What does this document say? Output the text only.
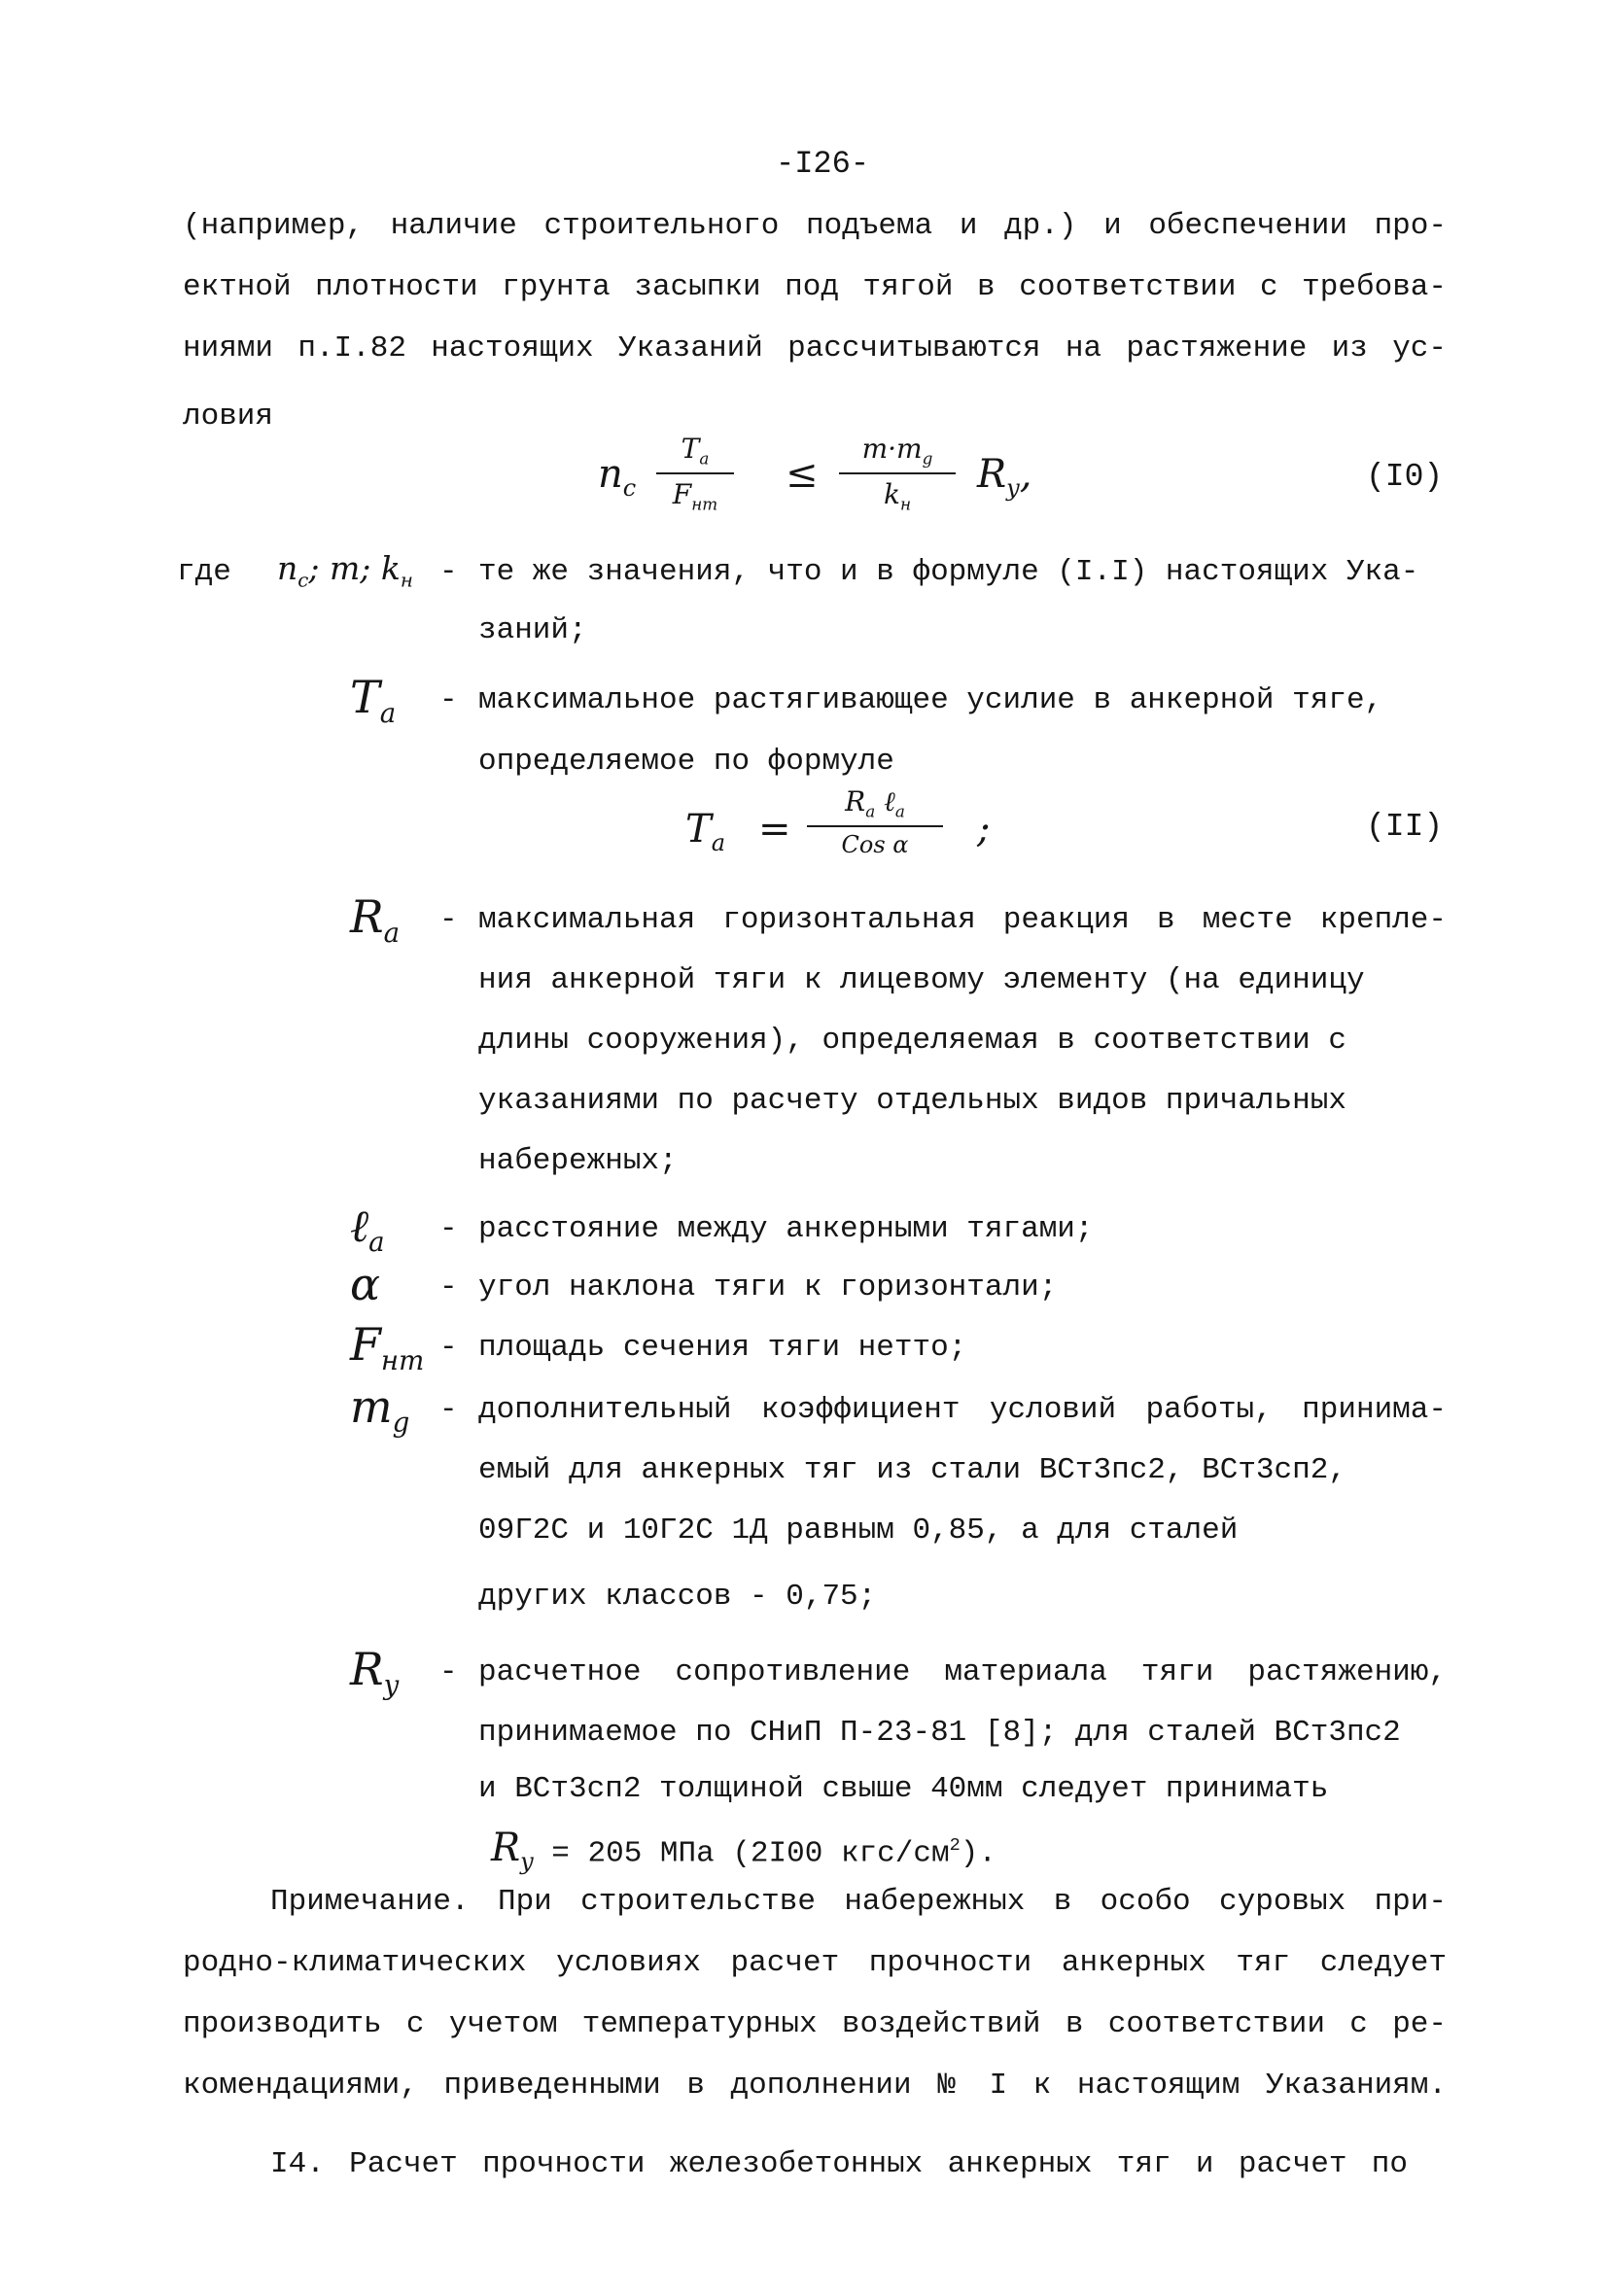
-I26-
(например, наличие строительного подъема и др.) и обеспечении про-
ектной плотности грунта засыпки под тягой в соответствии с требова-
ниями п.I.82 настоящих Указаний рассчитываются на растяжение из ус-
ловия
$n_c$
$T_a$
$F_{нт}$
≤
$m\cdot m_g$
$k_н$
$R_y$,	(I0)
где $n_c$; m; $k_н$ - те же значения, что и в формуле (I.I) настоящих Ука-
заний;
$T_a$ - максимальное растягивающее усилие в анкерной тяге,
определяемое по формуле
$T_a$ =
$R_a$ ℓ$_a$
Cos α	;	(II)
$R_a$ - максимальная горизонтальная реакция в месте крепле-
ния анкерной тяги к лицевому элементу (на единицу
длины сооружения), определяемая в соответствии с
указаниями по расчету отдельных видов причальных
набережных;
ℓ$_a$ - расстояние между анкерными тягами;
α - угол наклона тяги к горизонтали;
$F_{нт}$ - площадь сечения тяги нетто;
$m_g$ - дополнительный коэффициент условий работы, принима-
емый для анкерных тяг из стали ВСт3пс2, ВСт3сп2,
09Г2С и 10Г2С 1Д равным 0,85, а для сталей
других классов - 0,75;
$R_y$ - расчетное сопротивление материала тяги растяжению,
принимаемое по СНиП П-23-81 [8]; для сталей ВСт3пс2
и ВСт3сп2 толщиной свыше 40мм следует принимать
$R_y = 205$ МПа (2I00 кгс/$см^2$).
Примечание. При строительстве набережных в особо суровых при-
родно-климатических условиях расчет прочности анкерных тяг следует
производить с учетом температурных воздействий в соответствии с ре-
комендациями, приведенными в дополнении № I к настоящим Указаниям.
I4. Расчет прочности железобетонных анкерных тяг и расчет по
